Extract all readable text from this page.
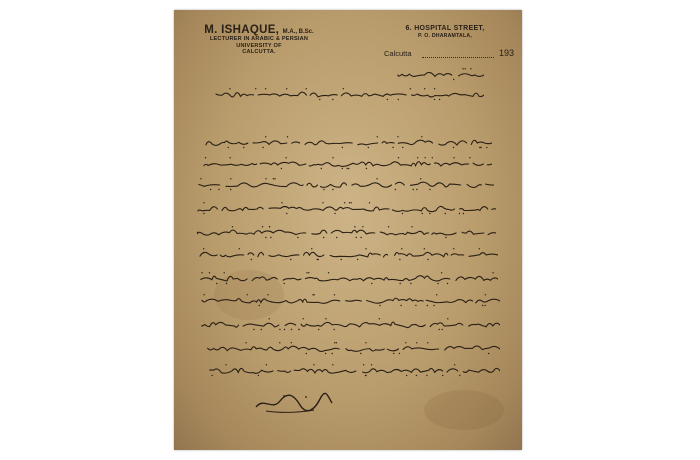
M. ISHAQUE, M.A., B.Sc.
LECTURER IN ARABIC & PERSIAN
UNIVERSITY OF
CALCUTTA.
6. HOSPITAL STREET,
P. O. DHARAMTALA,
Calcutta	193
